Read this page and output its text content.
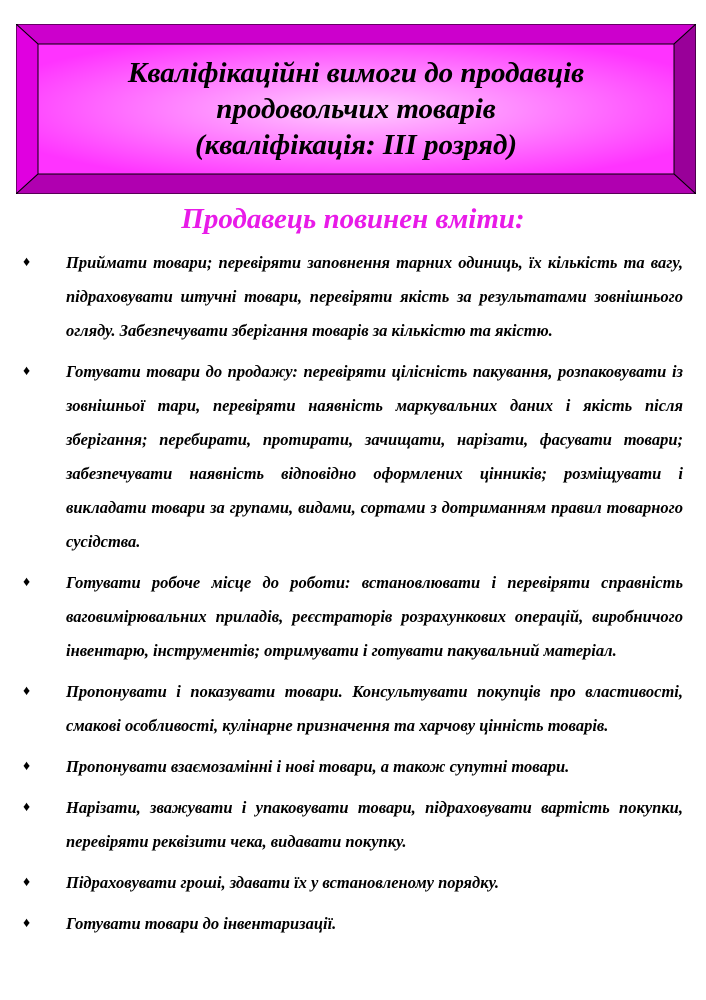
Кваліфікаційні вимоги до продавців
продовольчих товарів
(кваліфікація: ІІІ розряд)
Продавець повинен вміти:
♦ Приймати товари; перевіряти заповнення тарних одиниць, їх кількість та вагу, підраховувати штучні товари, перевіряти якість за результатами зовнішнього огляду. Забезпечувати зберігання товарів за кількістю та якістю.
♦ Готувати товари до продажу: перевіряти цілісність пакування, розпаковувати із зовнішньої тари, перевіряти наявність маркувальних даних і якість після зберігання; перебирати, протирати, зачищати, нарізати, фасувати товари; забезпечувати наявність відповідно оформлених цінників; розміщувати і викладати товари за групами, видами, сортами з дотриманням правил товарного сусідства.
♦ Готувати робоче місце до роботи: встановлювати і перевіряти справність ваговимірювальних приладів, реєстраторів розрахункових операцій, виробничого інвентарю, інструментів; отримувати і готувати пакувальний матеріал.
♦ Пропонувати і показувати товари. Консультувати покупців про властивості, смакові особливості, кулінарне призначення та харчову цінність товарів.
♦ Пропонувати взаємозамінні і нові товари, а також супутні товари.
♦ Нарізати, зважувати і упаковувати товари, підраховувати вартість покупки, перевіряти реквізити чека, видавати покупку.
♦ Підраховувати гроші, здавати їх у встановленому порядку.
♦ Готувати товари до інвентаризації.
